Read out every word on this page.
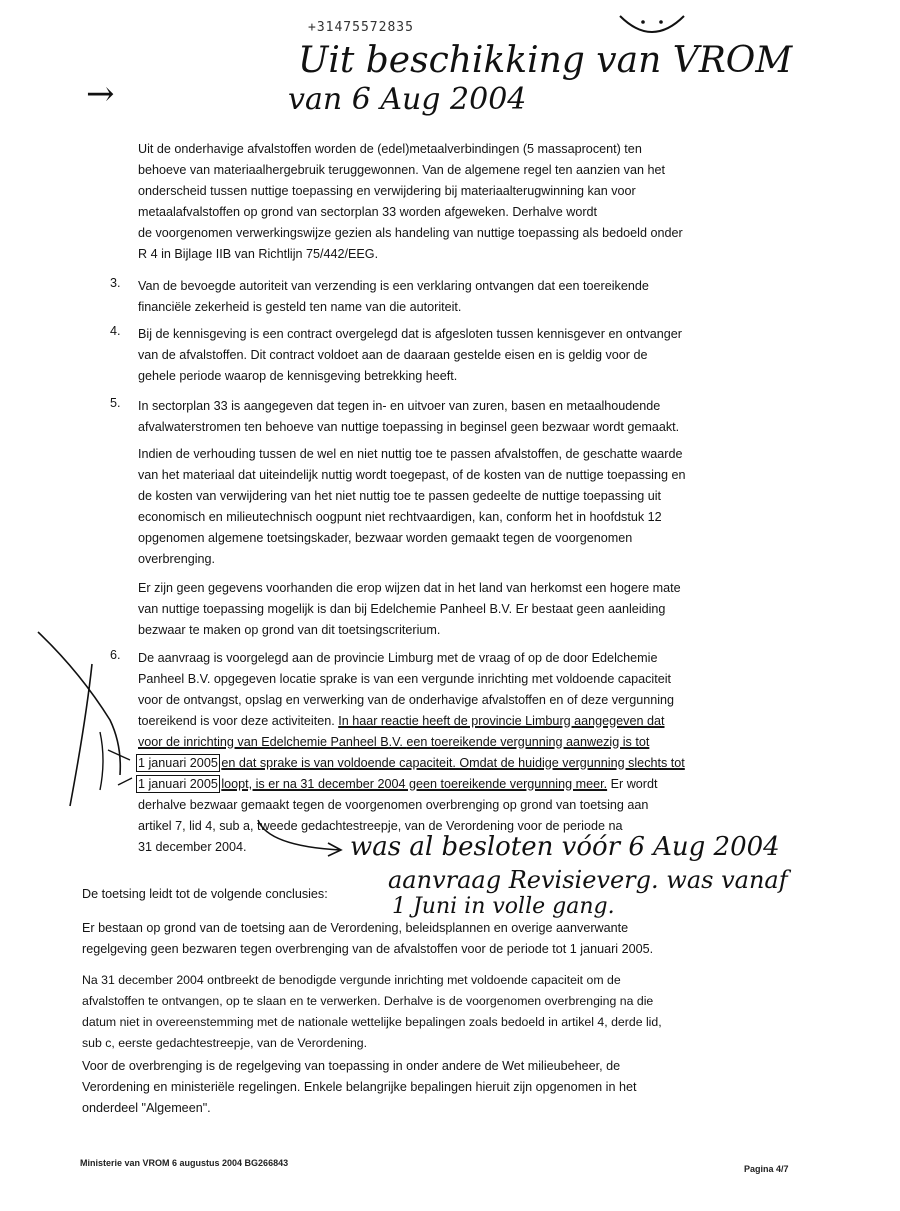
+31475572835
Uit beschikking van VROM
van 6 Aug 2004
→
Uit de onderhavige afvalstoffen worden de (edel)metaalverbindingen (5 massaprocent) ten
behoeve van materiaalhergebruik teruggewonnen. Van de algemene regel ten aanzien van het
onderscheid tussen nuttige toepassing en verwijdering bij materiaalterugwinning kan voor
metaalafvalstoffen op grond van sectorplan 33 worden afgeweken. Derhalve wordt
de voorgenomen verwerkingswijze gezien als handeling van nuttige toepassing als bedoeld onder
R 4 in Bijlage IIB van Richtlijn 75/442/EEG.
3. Van de bevoegde autoriteit van verzending is een verklaring ontvangen dat een toereikende
financiële zekerheid is gesteld ten name van die autoriteit.
4. Bij de kennisgeving is een contract overgelegd dat is afgesloten tussen kennisgever en ontvanger
van de afvalstoffen. Dit contract voldoet aan de daaraan gestelde eisen en is geldig voor de
gehele periode waarop de kennisgeving betrekking heeft.
5. In sectorplan 33 is aangegeven dat tegen in- en uitvoer van zuren, basen en metaalhoudende
afvalwaterstromen ten behoeve van nuttige toepassing in beginsel geen bezwaar wordt gemaakt.
Indien de verhouding tussen de wel en niet nuttig toe te passen afvalstoffen, de geschatte waarde
van het materiaal dat uiteindelijk nuttig wordt toegepast, of de kosten van de nuttige toepassing en
de kosten van verwijdering van het niet nuttig toe te passen gedeelte de nuttige toepassing uit
economisch en milieutechnisch oogpunt niet rechtvaardigen, kan, conform het in hoofdstuk 12
opgenomen algemene toetsingskader, bezwaar worden gemaakt tegen de voorgenomen
overbrenging.
Er zijn geen gegevens voorhanden die erop wijzen dat in het land van herkomst een hogere mate
van nuttige toepassing mogelijk is dan bij Edelchemie Panheel B.V. Er bestaat geen aanleiding
bezwaar te maken op grond van dit toetsingscriterium.
6. De aanvraag is voorgelegd aan de provincie Limburg met de vraag of op de door Edelchemie
Panheel B.V. opgegeven locatie sprake is van een vergunde inrichting met voldoende capaciteit
voor de ontvangst, opslag en verwerking van de onderhavige afvalstoffen en of deze vergunning
toereikend is voor deze activiteiten. In haar reactie heeft de provincie Limburg aangegeven dat
voor de inrichting van Edelchemie Panheel B.V. een toereikende vergunning aanwezig is tot
1 januari 2005 en dat sprake is van voldoende capaciteit. Omdat de huidige vergunning slechts tot
1 januari 2005 loopt, is er na 31 december 2004 geen toereikende vergunning meer. Er wordt
derhalve bezwaar gemaakt tegen de voorgenomen overbrenging op grond van toetsing aan
artikel 7, lid 4, sub a, tweede gedachtestreepje, van de Verordening voor de periode na
31 december 2004.	was al besloten vóór 6 Aug 2004
aanvraag Revisieverg. was vanaf
1 Juni in volle gang.
De toetsing leidt tot de volgende conclusies:
Er bestaan op grond van de toetsing aan de Verordening, beleidsplannen en overige aanverwante
regelgeving geen bezwaren tegen overbrenging van de afvalstoffen voor de periode tot 1 januari 2005.
Na 31 december 2004 ontbreekt de benodigde vergunde inrichting met voldoende capaciteit om de
afvalstoffen te ontvangen, op te slaan en te verwerken. Derhalve is de voorgenomen overbrenging na die
datum niet in overeenstemming met de nationale wettelijke bepalingen zoals bedoeld in artikel 4, derde lid,
sub c, eerste gedachtestreepje, van de Verordening.
Voor de overbrenging is de regelgeving van toepassing in onder andere de Wet milieubeheer, de
Verordening en ministeriële regelingen. Enkele belangrijke bepalingen hieruit zijn opgenomen in het
onderdeel "Algemeen".
Ministerie van VROM 6 augustus 2004 BG266843
Pagina 4/7
